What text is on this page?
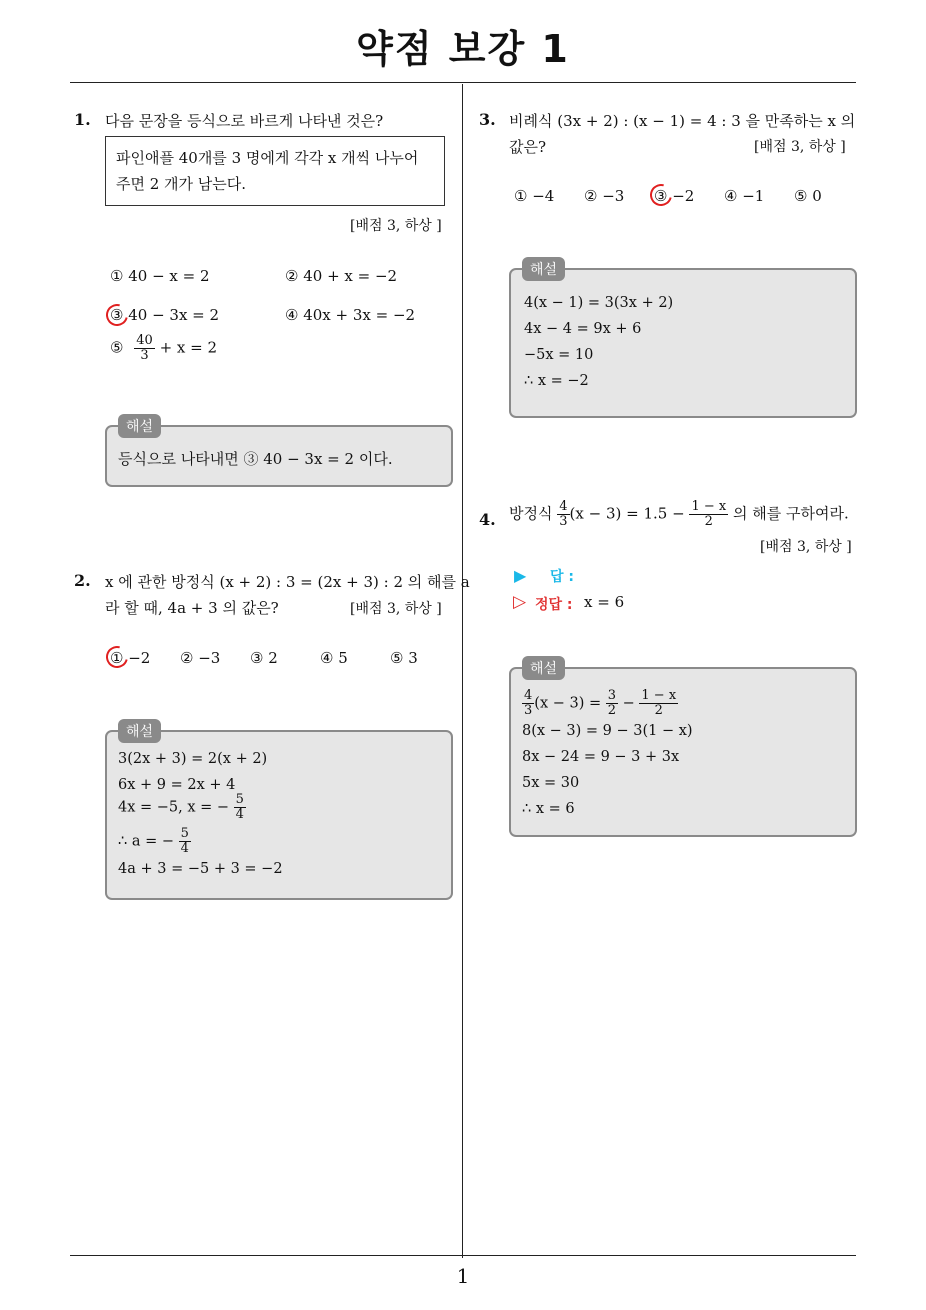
약점 보강 1
1. 다음 문장을 등식으로 바르게 나타낸 것은?
파인애플 40개를 3 명에게 각각 x 개씩 나누어
주면 2 개가 남는다.
[배점 3, 하상 ]
① 40 − x = 2	② 40 + x = −2
③ 40 − 3x = 2	④ 40x + 3x = −2
⑤ $\frac{40}{3} + x = 2$
해설
등식으로 나타내면 ③ 40 − 3x = 2 이다.
2. x 에 관한 방정식 (x + 2) : 3 = (2x + 3) : 2 의 해를 a
라 할 때, 4a + 3 의 값은?	[배점 3, 하상 ]
① −2 ② −3 ③ 2	④ 5	⑤ 3
해설
3(2x + 3) = 2(x + 2)
6x + 9 = 2x + 4
4x = −5, x = − $\frac{5}{4}$
∴ a = − $\frac{5}{4}$
4a + 3 = −5 + 3 = −2
3. 비례식 (3x + 2) : (x − 1) = 4 : 3 을 만족하는 x 의
값은?	[배점 3, 하상 ]
① −4 ② −3 ③ −2 ④ −1 ⑤ 0
해설
4(x − 1) = 3(3x + 2)
4x − 4 = 9x + 6
−5x = 10
∴ x = −2
4. 방정식 $\frac{4}{3} (x - 3) = 1.5 - \frac{1 - x}{2}$ 의 해를 구하여라.
[배점 3, 하상 ]
▶ 답 :
▷ 정답 : x = 6
해설
$\frac{4}{3} (x - 3) = \frac{3}{2} - \frac{1 - x}{2}$
8(x − 3) = 9 − 3(1 − x)
8x − 24 = 9 − 3 + 3x
5x = 30
∴ x = 6
1
